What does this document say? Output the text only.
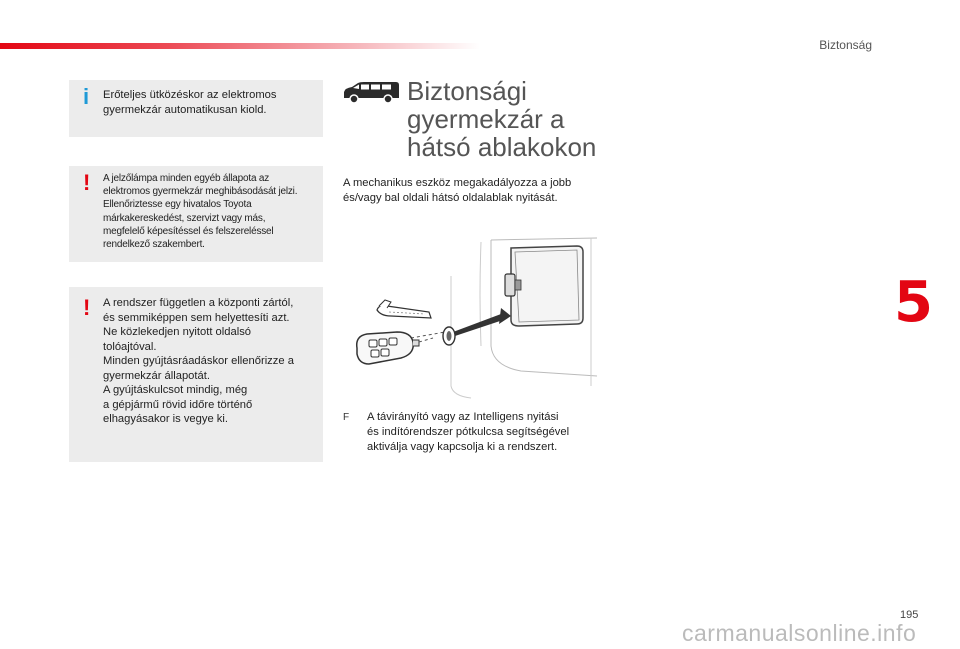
Biztonság
i Erőteljes ütközéskor az elektromos
gyermekzár automatikusan kiold.
! A jelzőlámpa minden egyéb állapota az
elektromos gyermekzár meghibásodását jelzi.
Ellenőriztesse egy hivatalos Toyota
márkakereskedést, szervizt vagy más,
megfelelő képesítéssel és felszereléssel
rendelkező szakembert.
! A rendszer független a központi zártól,
és semmiképpen sem helyettesíti azt.
Ne közlekedjen nyitott oldalsó
tolóajtóval.
Minden gyújtásráadáskor ellenőrizze a
gyermekzár állapotát.
A gyújtáskulcsot mindig, még
a gépjármű rövid időre történő
elhagyásakor is vegye ki.
Biztonsági
gyermekzár a
hátsó ablakokon
A mechanikus eszköz megakadályozza a jobb
és/vagy bal oldali hátsó oldalablak nyitását.
F A távirányító vagy az Intelligens nyitási
és indítórendszer pótkulcsa segítségével
aktiválja vagy kapcsolja ki a rendszert.
5
195
carmanualsonline.info
